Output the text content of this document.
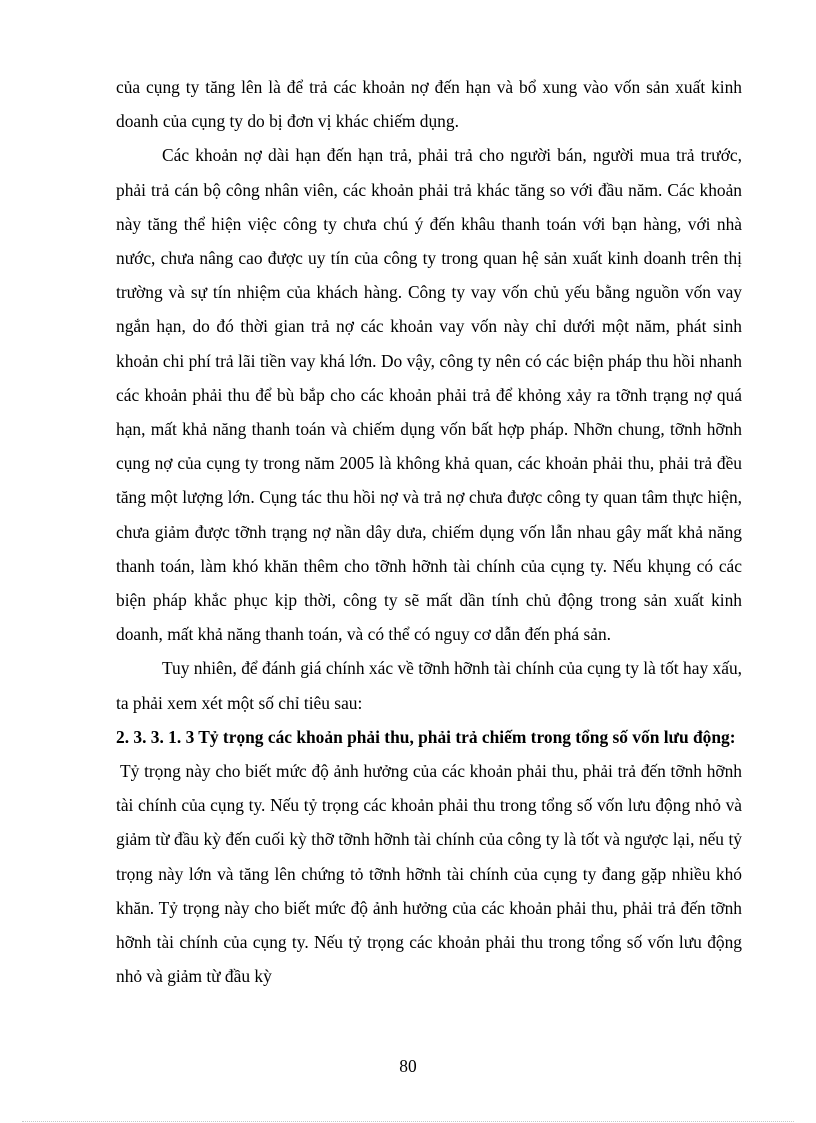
của cụng ty tăng lên là để trả các khoản nợ đến hạn và bổ xung vào vốn sản xuất kinh doanh của cụng ty do bị đơn vị khác chiếm dụng.

Các khoản nợ dài hạn đến hạn trả, phải trả cho người bán, người mua trả trước, phải trả cán bộ công nhân viên, các khoản phải trả khác tăng so với đầu năm. Các khoản này tăng thể hiện việc công ty chưa chú ý đến khâu thanh toán với bạn hàng, với nhà nước, chưa nâng cao được uy tín của công ty trong quan hệ sản xuất kinh doanh trên thị trường và sự tín nhiệm của khách hàng. Công ty vay vốn chủ yếu bằng nguồn vốn vay ngắn hạn, do đó thời gian trả nợ các khoản vay vốn này chỉ dưới một năm, phát sinh khoản chi phí trả lãi tiền vay khá lớn. Do vậy, công ty nên có các biện pháp thu hồi nhanh các khoản phải thu để bù bắp cho các khoản phải trả để khỏng xảy ra tỡnh trạng nợ quá hạn, mất khả năng thanh toán và chiếm dụng vốn bất hợp pháp. Nhỡn chung, tỡnh hỡnh cụng nợ của cụng ty trong năm 2005 là không khả quan, các khoản phải thu, phải trả đều tăng một lượng lớn. Cụng tác thu hồi nợ và trả nợ chưa được công ty quan tâm thực hiện, chưa giảm được tỡnh trạng nợ nần dây dưa, chiếm dụng vốn lẫn nhau gây mất khả năng thanh toán, làm khó khăn thêm cho tỡnh hỡnh tài chính của cụng ty. Nếu khụng có các biện pháp khắc phục kịp thời, công ty sẽ mất dần tính chủ động trong sản xuất kinh doanh, mất khả năng thanh toán, và có thể có nguy cơ dẫn đến phá sản.

Tuy nhiên, để đánh giá chính xác về tỡnh hỡnh tài chính của cụng ty là tốt hay xấu, ta phải xem xét một số chỉ tiêu sau:

2. 3. 3. 1. 3 Tỷ trọng các khoản phải thu, phải trả chiếm trong tổng số vốn lưu động:

Tỷ trọng này cho biết mức độ ảnh hưởng của các khoản phải thu, phải trả đến tỡnh hỡnh tài chính của cụng ty. Nếu tỷ trọng các khoản phải thu trong tổng số vốn lưu động nhỏ và giảm từ đầu kỳ đến cuối kỳ thỡ tỡnh hỡnh tài chính của công ty là tốt và ngược lại, nếu tỷ trọng này lớn và tăng lên chứng tỏ tỡnh hỡnh tài chính của cụng ty đang gặp nhiều khó khăn. Tỷ trọng này cho biết mức độ ảnh hưởng của các khoản phải thu, phải trả đến tỡnh hỡnh tài chính của cụng ty. Nếu tỷ trọng các khoản phải thu trong tổng số vốn lưu động nhỏ và giảm từ đầu kỳ

80
